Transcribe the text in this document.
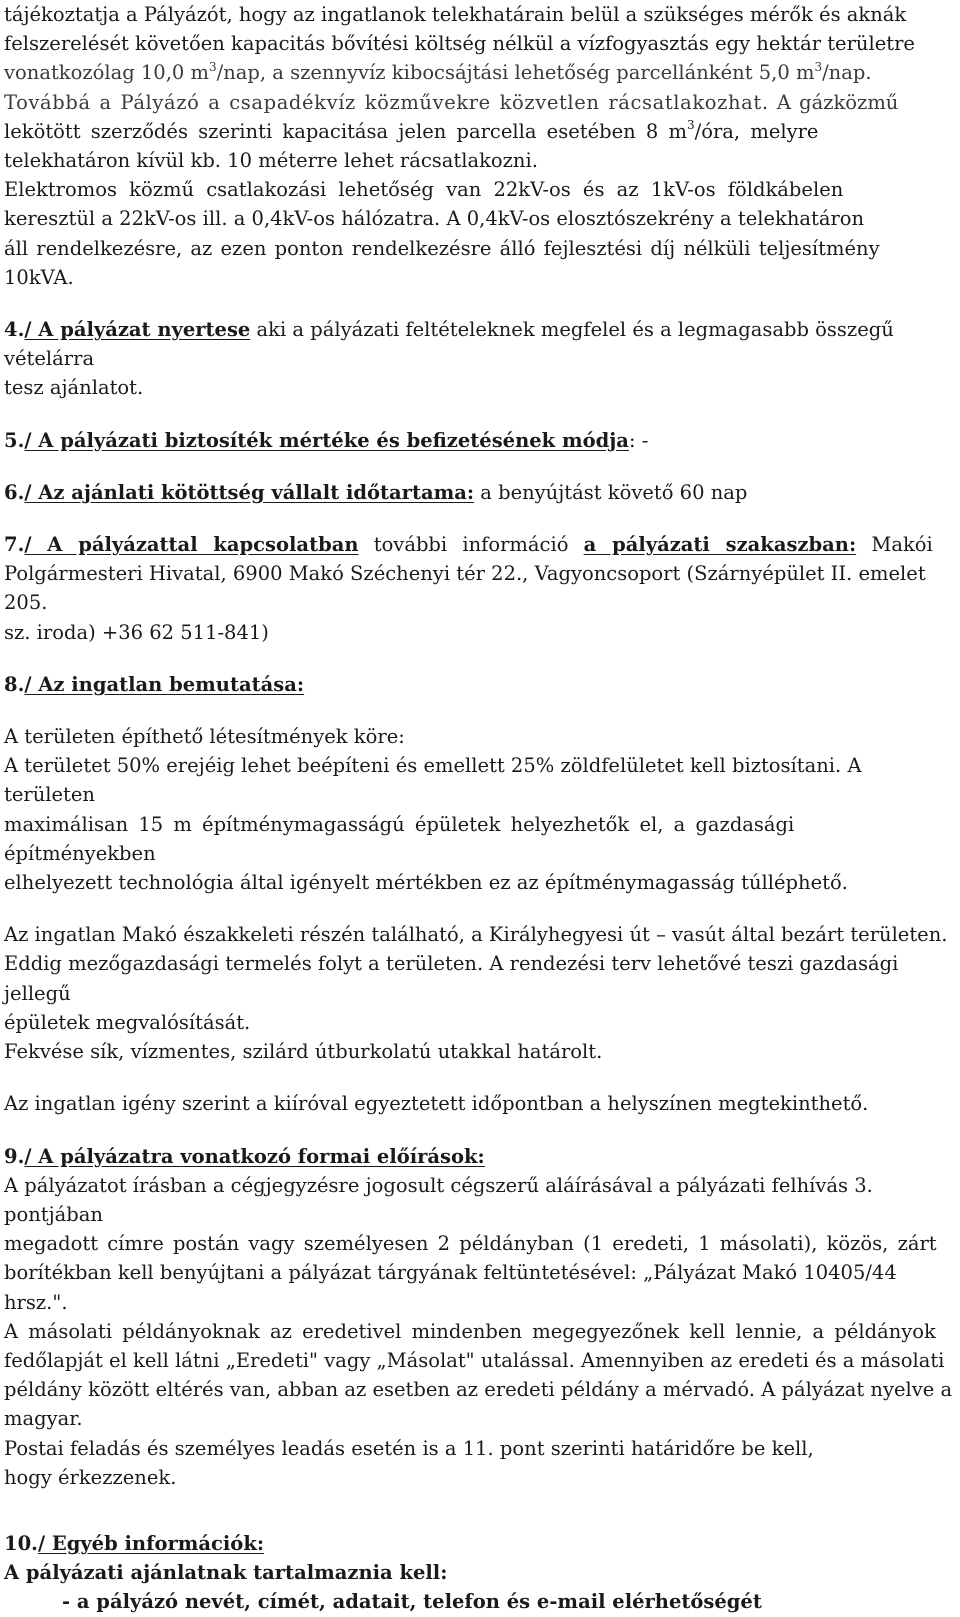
tájékoztatja a Pályázót, hogy az ingatlanok telekhatárain belül a szükséges mérők és aknák

felszerelését követően kapacitás bővítési költség nélkül a vízfogyasztás egy hektár területre

vonatkozólag 10,0 $m^3$/nap, a szennyvíz kibocsájtási lehetőség parcellánként 5,0 $m^3$/nap.

Továbbá a Pályázó a csapadékvíz közművekre közvetlen rácsatlakozhat. A gázközmű

lekötött szerződés szerinti kapacitása jelen parcella esetében 8 $m^3$/óra, melyre

telekhatáron kívül kb. 10 méterre lehet rácsatlakozni.

Elektromos közmű csatlakozási lehetőség van 22kV-os és az 1kV-os földkábelen

keresztül a 22kV-os ill. a 0,4kV-os hálózatra. A 0,4kV-os elosztószekrény a telekhatáron

áll rendelkezésre, az ezen ponton rendelkezésre álló fejlesztési díj nélküli teljesítmény

10kVA.

4./ A pályázat nyertese aki a pályázati feltételeknek megfelel és a legmagasabb összegű vételárra

tesz ajánlatot.

5./ A pályázati biztosíték mértéke és befizetésének módja: -

6./ Az ajánlati kötöttség vállalt időtartama: a benyújtást követő 60 nap

7./ A pályázattal kapcsolatban további információ a pályázati szakaszban: Makói

Polgármesteri Hivatal, 6900 Makó Széchenyi tér 22., Vagyoncsoport (Szárnyépület II. emelet 205.

sz. iroda) +36 62 511-841)

8./ Az ingatlan bemutatása:

A területen építhető létesítmények köre:

A területet 50% erejéig lehet beépíteni és emellett 25% zöldfelületet kell biztosítani. A területen

maximálisan 15 m építménymagasságú épületek helyezhetők el, a gazdasági építményekben

elhelyezett technológia által igényelt mértékben ez az építménymagasság túlléphető.

Az ingatlan Makó északkeleti részén található, a Királyhegyesi út – vasút által bezárt területen.

Eddig mezőgazdasági termelés folyt a területen. A rendezési terv lehetővé teszi gazdasági jellegű

épületek megvalósítását.

Fekvése sík, vízmentes, szilárd útburkolatú utakkal határolt.

Az ingatlan igény szerint a kiíróval egyeztetett időpontban a helyszínen megtekinthető.

9./ A pályázatra vonatkozó formai előírások:

A pályázatot írásban a cégjegyzésre jogosult cégszerű aláírásával a pályázati felhívás 3. pontjában

megadott címre postán vagy személyesen 2 példányban (1 eredeti, 1 másolati), közös, zárt

borítékban kell benyújtani a pályázat tárgyának feltüntetésével: „Pályázat Makó 10405/44 hrsz.".

A másolati példányoknak az eredetivel mindenben megegyezőnek kell lennie, a példányok

fedőlapját el kell látni „Eredeti" vagy „Másolat" utalással. Amennyiben az eredeti és a másolati

példány között eltérés van, abban az esetben az eredeti példány a mérvadó. A pályázat nyelve a

magyar.

Postai feladás és személyes leadás esetén is a 11. pont szerinti határidőre be kell,

hogy érkezzenek.

10./ Egyéb információk:

A pályázati ajánlatnak tartalmaznia kell:

- a pályázó nevét, címét, adatait, telefon és e-mail elérhetőségét
